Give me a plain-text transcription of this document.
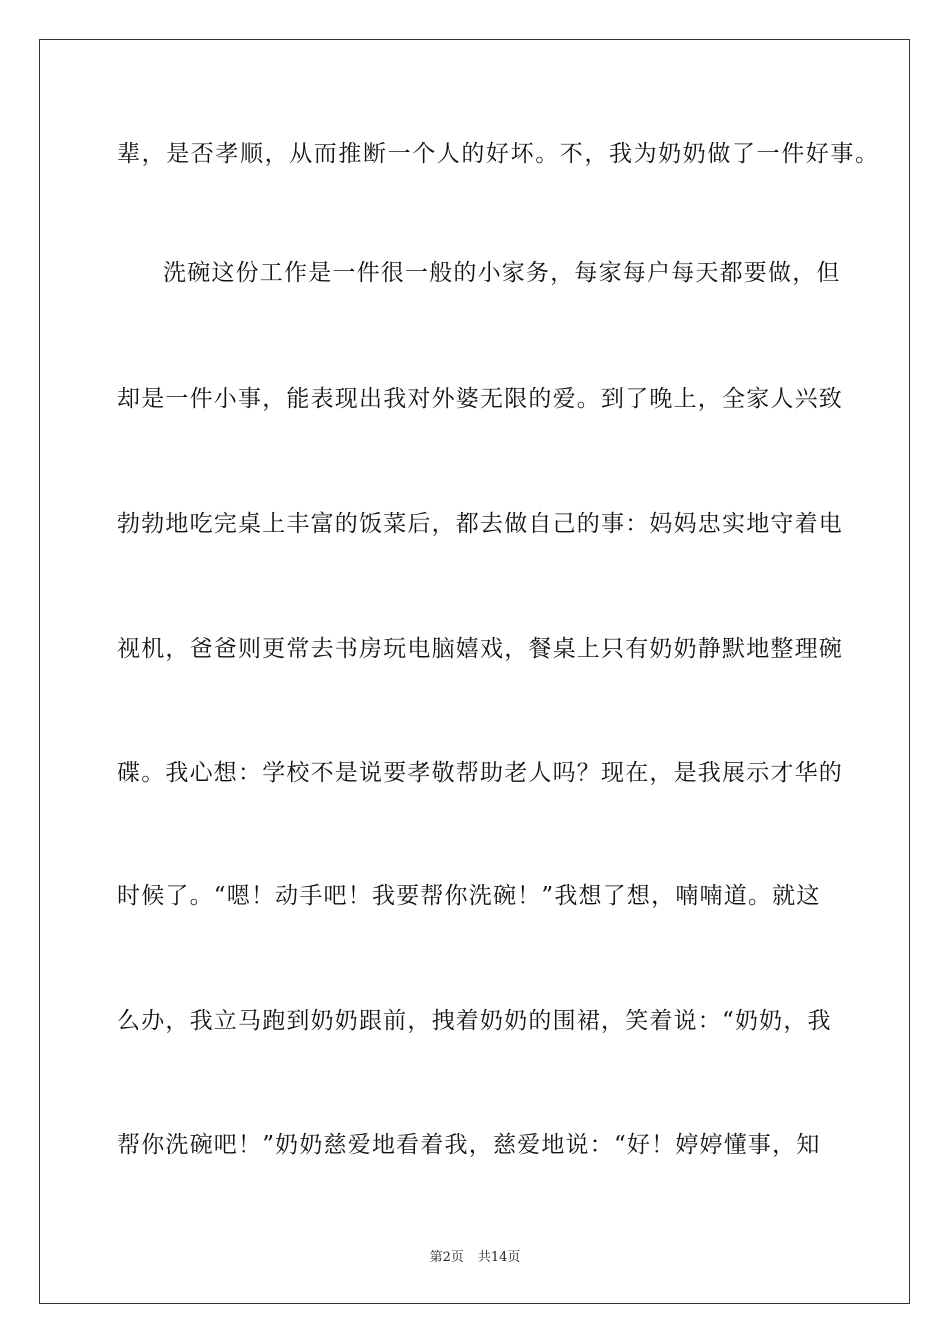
辈，是否孝顺，从而推断一个人的好坏。不，我为奶奶做了一件好事。
洗碗这份工作是一件很一般的小家务，每家每户每天都要做，但
却是一件小事，能表现出我对外婆无限的爱。到了晚上，全家人兴致
勃勃地吃完桌上丰富的饭菜后，都去做自己的事：妈妈忠实地守着电
视机，爸爸则更常去书房玩电脑嬉戏，餐桌上只有奶奶静默地整理碗
碟。我心想：学校不是说要孝敬帮助老人吗？现在，是我展示才华的
时候了。“嗯！动手吧！我要帮你洗碗！”我想了想，喃喃道。就这
么办，我立马跑到奶奶跟前，拽着奶奶的围裙，笑着说：“奶奶，我
帮你洗碗吧！”奶奶慈爱地看着我，慈爱地说：“好！婷婷懂事，知
第2页 共14页
